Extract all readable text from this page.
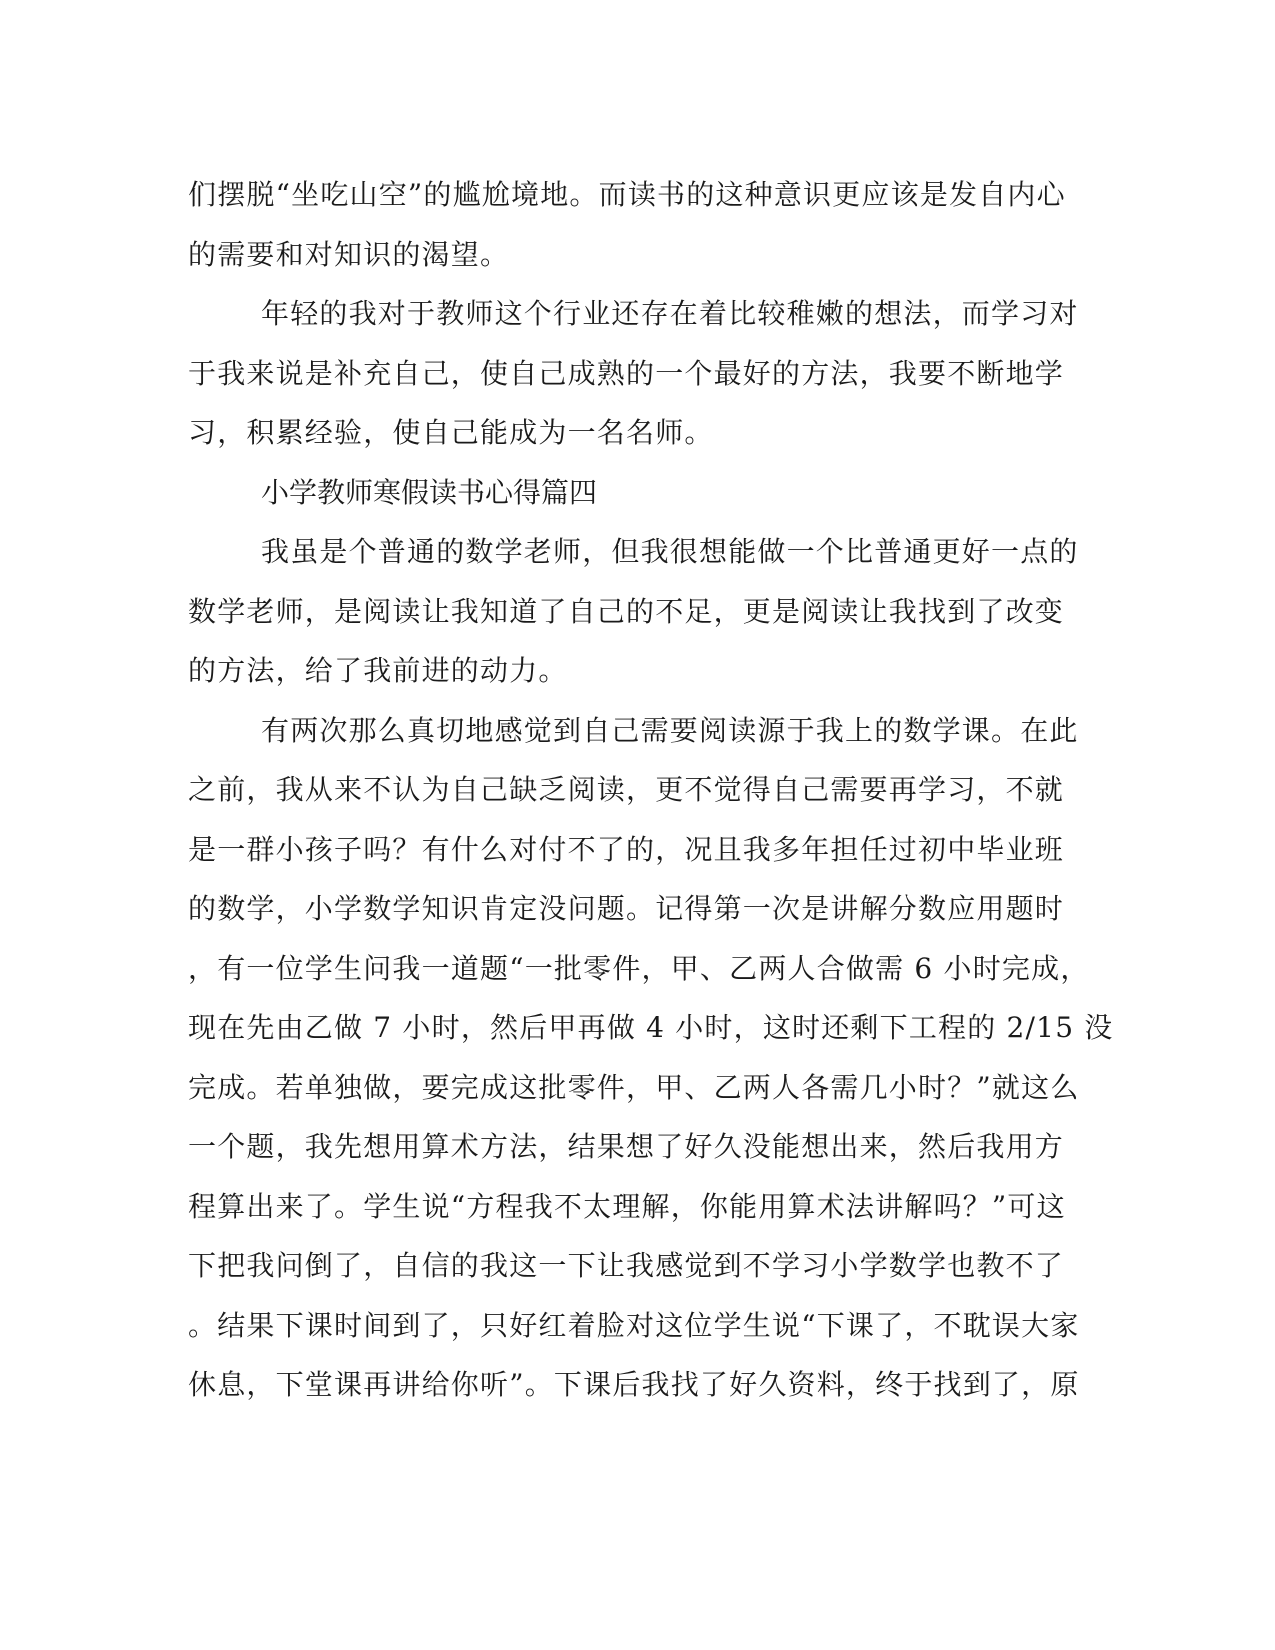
们摆脱“坐吃山空”的尴尬境地。而读书的这种意识更应该是发自内心
的需要和对知识的渴望。
年轻的我对于教师这个行业还存在着比较稚嫩的想法，而学习对
于我来说是补充自己，使自己成熟的一个最好的方法，我要不断地学
习，积累经验，使自己能成为一名名师。
小学教师寒假读书心得篇四
我虽是个普通的数学老师，但我很想能做一个比普通更好一点的
数学老师，是阅读让我知道了自己的不足，更是阅读让我找到了改变
的方法，给了我前进的动力。
有两次那么真切地感觉到自己需要阅读源于我上的数学课。在此
之前，我从来不认为自己缺乏阅读，更不觉得自己需要再学习，不就
是一群小孩子吗？有什么对付不了的，况且我多年担任过初中毕业班
的数学，小学数学知识肯定没问题。记得第一次是讲解分数应用题时
，有一位学生问我一道题“一批零件，甲、乙两人合做需 6 小时完成，
现在先由乙做 7 小时，然后甲再做 4 小时，这时还剩下工程的 2/15 没
完成。若单独做，要完成这批零件，甲、乙两人各需几小时？”就这么
一个题，我先想用算术方法，结果想了好久没能想出来，然后我用方
程算出来了。学生说“方程我不太理解，你能用算术法讲解吗？”可这
下把我问倒了，自信的我这一下让我感觉到不学习小学数学也教不了
。结果下课时间到了，只好红着脸对这位学生说“下课了，不耽误大家
休息，下堂课再讲给你听”。下课后我找了好久资料，终于找到了，原
